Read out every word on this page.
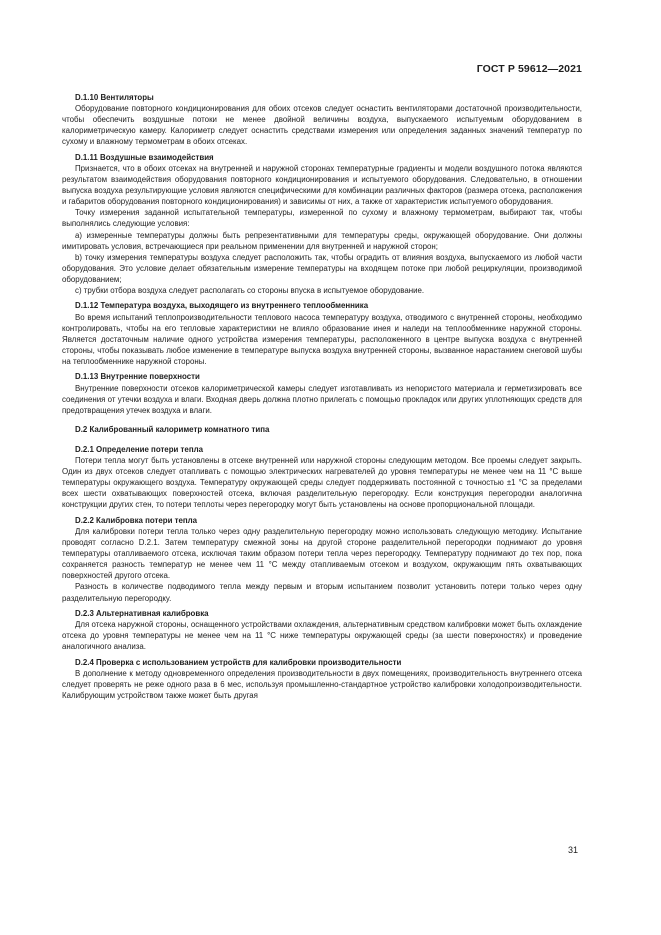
ГОСТ Р 59612—2021
D.1.10 Вентиляторы

Оборудование повторного кондиционирования для обоих отсеков следует оснастить вентиляторами достаточной производительности, чтобы обеспечить воздушные потоки не менее двойной величины воздуха, выпускаемого испытуемым оборудованием в калориметрическую камеру. Калориметр следует оснастить средствами измерения или определения заданных значений температур по сухому и влажному термометрам в обоих отсеках.

D.1.11 Воздушные взаимодействия

Признается, что в обоих отсеках на внутренней и наружной сторонах температурные градиенты и модели воздушного потока являются результатом взаимодействия оборудования повторного кондиционирования и испытуемого оборудования. Следовательно, в отношении выпуска воздуха результирующие условия являются специфическими для комбинации различных факторов (размера отсека, расположения и габаритов оборудования повторного кондиционирования) и зависимы от них, а также от характеристик испытуемого оборудования.

Точку измерения заданной испытательной температуры, измеренной по сухому и влажному термометрам, выбирают так, чтобы выполнялись следующие условия:

а) измеренные температуры должны быть репрезентативными для температуры среды, окружающей оборудование. Они должны имитировать условия, встречающиеся при реальном применении для внутренней и наружной сторон;

b) точку измерения температуры воздуха следует расположить так, чтобы оградить от влияния воздуха, выпускаемого из любой части оборудования. Это условие делает обязательным измерение температуры на входящем потоке при любой рециркуляции, производимой оборудованием;

с) трубки отбора воздуха следует располагать со стороны впуска в испытуемое оборудование.

D.1.12 Температура воздуха, выходящего из внутреннего теплообменника

Во время испытаний теплопроизводительности теплового насоса температуру воздуха, отводимого с внутренней стороны, необходимо контролировать, чтобы на его тепловые характеристики не влияло образование инея и наледи на теплообменнике наружной стороны. Является достаточным наличие одного устройства измерения температуры, расположенного в центре выпуска воздуха с внутренней стороны, чтобы показывать любое изменение в температуре выпуска воздуха внутренней стороны, вызванное нарастанием снеговой шубы на теплообменнике наружной стороны.

D.1.13 Внутренние поверхности

Внутренние поверхности отсеков калориметрической камеры следует изготавливать из непористого материала и герметизировать все соединения от утечки воздуха и влаги. Входная дверь должна плотно прилегать с помощью прокладок или других уплотняющих средств для предотвращения утечек воздуха и влаги.

D.2 Калиброванный калориметр комнатного типа
D.2.1 Определение потери тепла

Потери тепла могут быть установлены в отсеке внутренней или наружной стороны следующим методом. Все проемы следует закрыть. Один из двух отсеков следует отапливать с помощью электрических нагревателей до уровня температуры не менее чем на 11 °С выше температуры окружающего воздуха. Температуру окружающей среды следует поддерживать постоянной с точностью ±1 °С за пределами всех шести охватывающих поверхностей отсека, включая разделительную перегородку. Если конструкция перегородки аналогична конструкции других стен, то потери теплоты через перегородку могут быть установлены на основе пропорциональной площади.

D.2.2 Калибровка потери тепла

Для калибровки потери тепла только через одну разделительную перегородку можно использовать следующую методику. Испытание проводят согласно D.2.1. Затем температуру смежной зоны на другой стороне разделительной перегородки поднимают до уровня температуры отапливаемого отсека, исключая таким образом потери тепла через перегородку. Температуру поднимают до тех пор, пока сохраняется разность температур не менее чем 11 °С между отапливаемым отсеком и воздухом, окружающим пять охватывающих поверхностей другого отсека.

Разность в количестве подводимого тепла между первым и вторым испытанием позволит установить потери только через одну разделительную перегородку.

D.2.3 Альтернативная калибровка

Для отсека наружной стороны, оснащенного устройствами охлаждения, альтернативным средством калибровки может быть охлаждение отсека до уровня температуры не менее чем на 11 °С ниже температуры окружающей среды (за шести поверхностях) и проведение аналогичного анализа.

D.2.4 Проверка с использованием устройств для калибровки производительности

В дополнение к методу одновременного определения производительности в двух помещениях, производительность внутреннего отсека следует проверять не реже одного раза в 6 мес, используя промышленно-стандартное устройство калибровки холодопроизводительности. Калибрующим устройством также может быть другая

31
